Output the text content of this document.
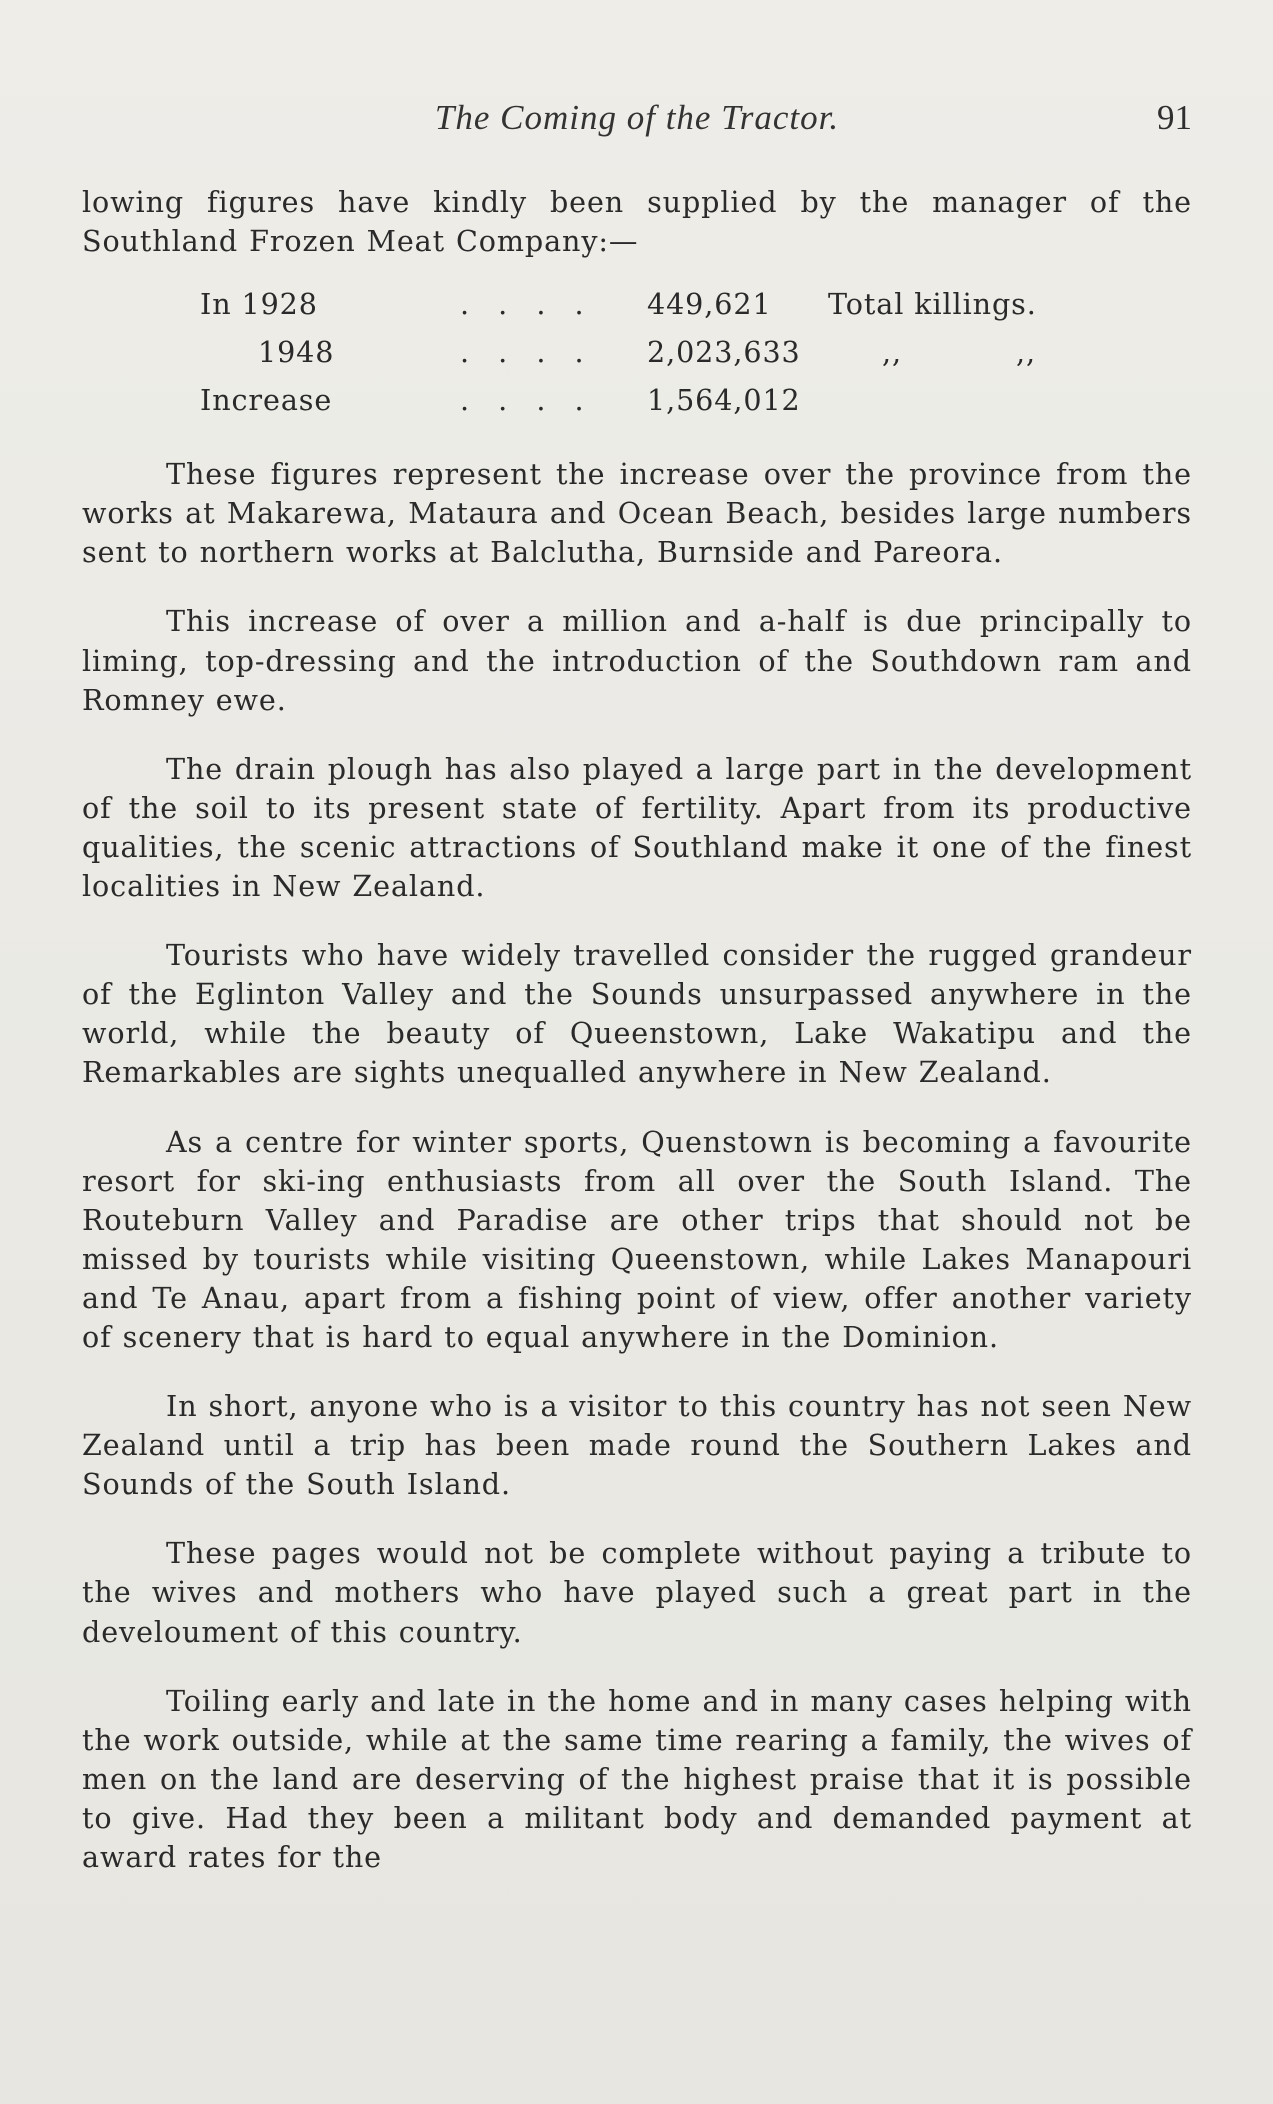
The Coming of the Tractor.	91

lowing figures have kindly been supplied by the manager of the Southland Frozen Meat Company:—

In 1928	. . . . 449,621 Total killings.
1948	. . . . 2,023,633	,,	,,
Increase	. . . . 1,564,012

These figures represent the increase over the province from the works at Makarewa, Mataura and Ocean Beach, besides large numbers sent to northern works at Balclutha, Burnside and Pareora.

This increase of over a million and a-half is due principally to liming, top-dressing and the introduction of the Southdown ram and Romney ewe.

The drain plough has also played a large part in the development of the soil to its present state of fertility. Apart from its productive qualities, the scenic attractions of Southland make it one of the finest localities in New Zealand.

Tourists who have widely travelled consider the rugged grandeur of the Eglinton Valley and the Sounds unsurpassed anywhere in the world, while the beauty of Queenstown, Lake Wakatipu and the Remarkables are sights unequalled anywhere in New Zealand.

As a centre for winter sports, Quenstown is becoming a favourite resort for ski-ing enthusiasts from all over the South Island. The Routeburn Valley and Paradise are other trips that should not be missed by tourists while visiting Queenstown, while Lakes Manapouri and Te Anau, apart from a fishing point of view, offer another variety of scenery that is hard to equal anywhere in the Dominion.

In short, anyone who is a visitor to this country has not seen New Zealand until a trip has been made round the Southern Lakes and Sounds of the South Island.

These pages would not be complete without paying a tribute to the wives and mothers who have played such a great part in the develoument of this country.

Toiling early and late in the home and in many cases helping with the work outside, while at the same time rearing a family, the wives of men on the land are deserving of the highest praise that it is possible to give. Had they been a militant body and demanded payment at award rates for the
